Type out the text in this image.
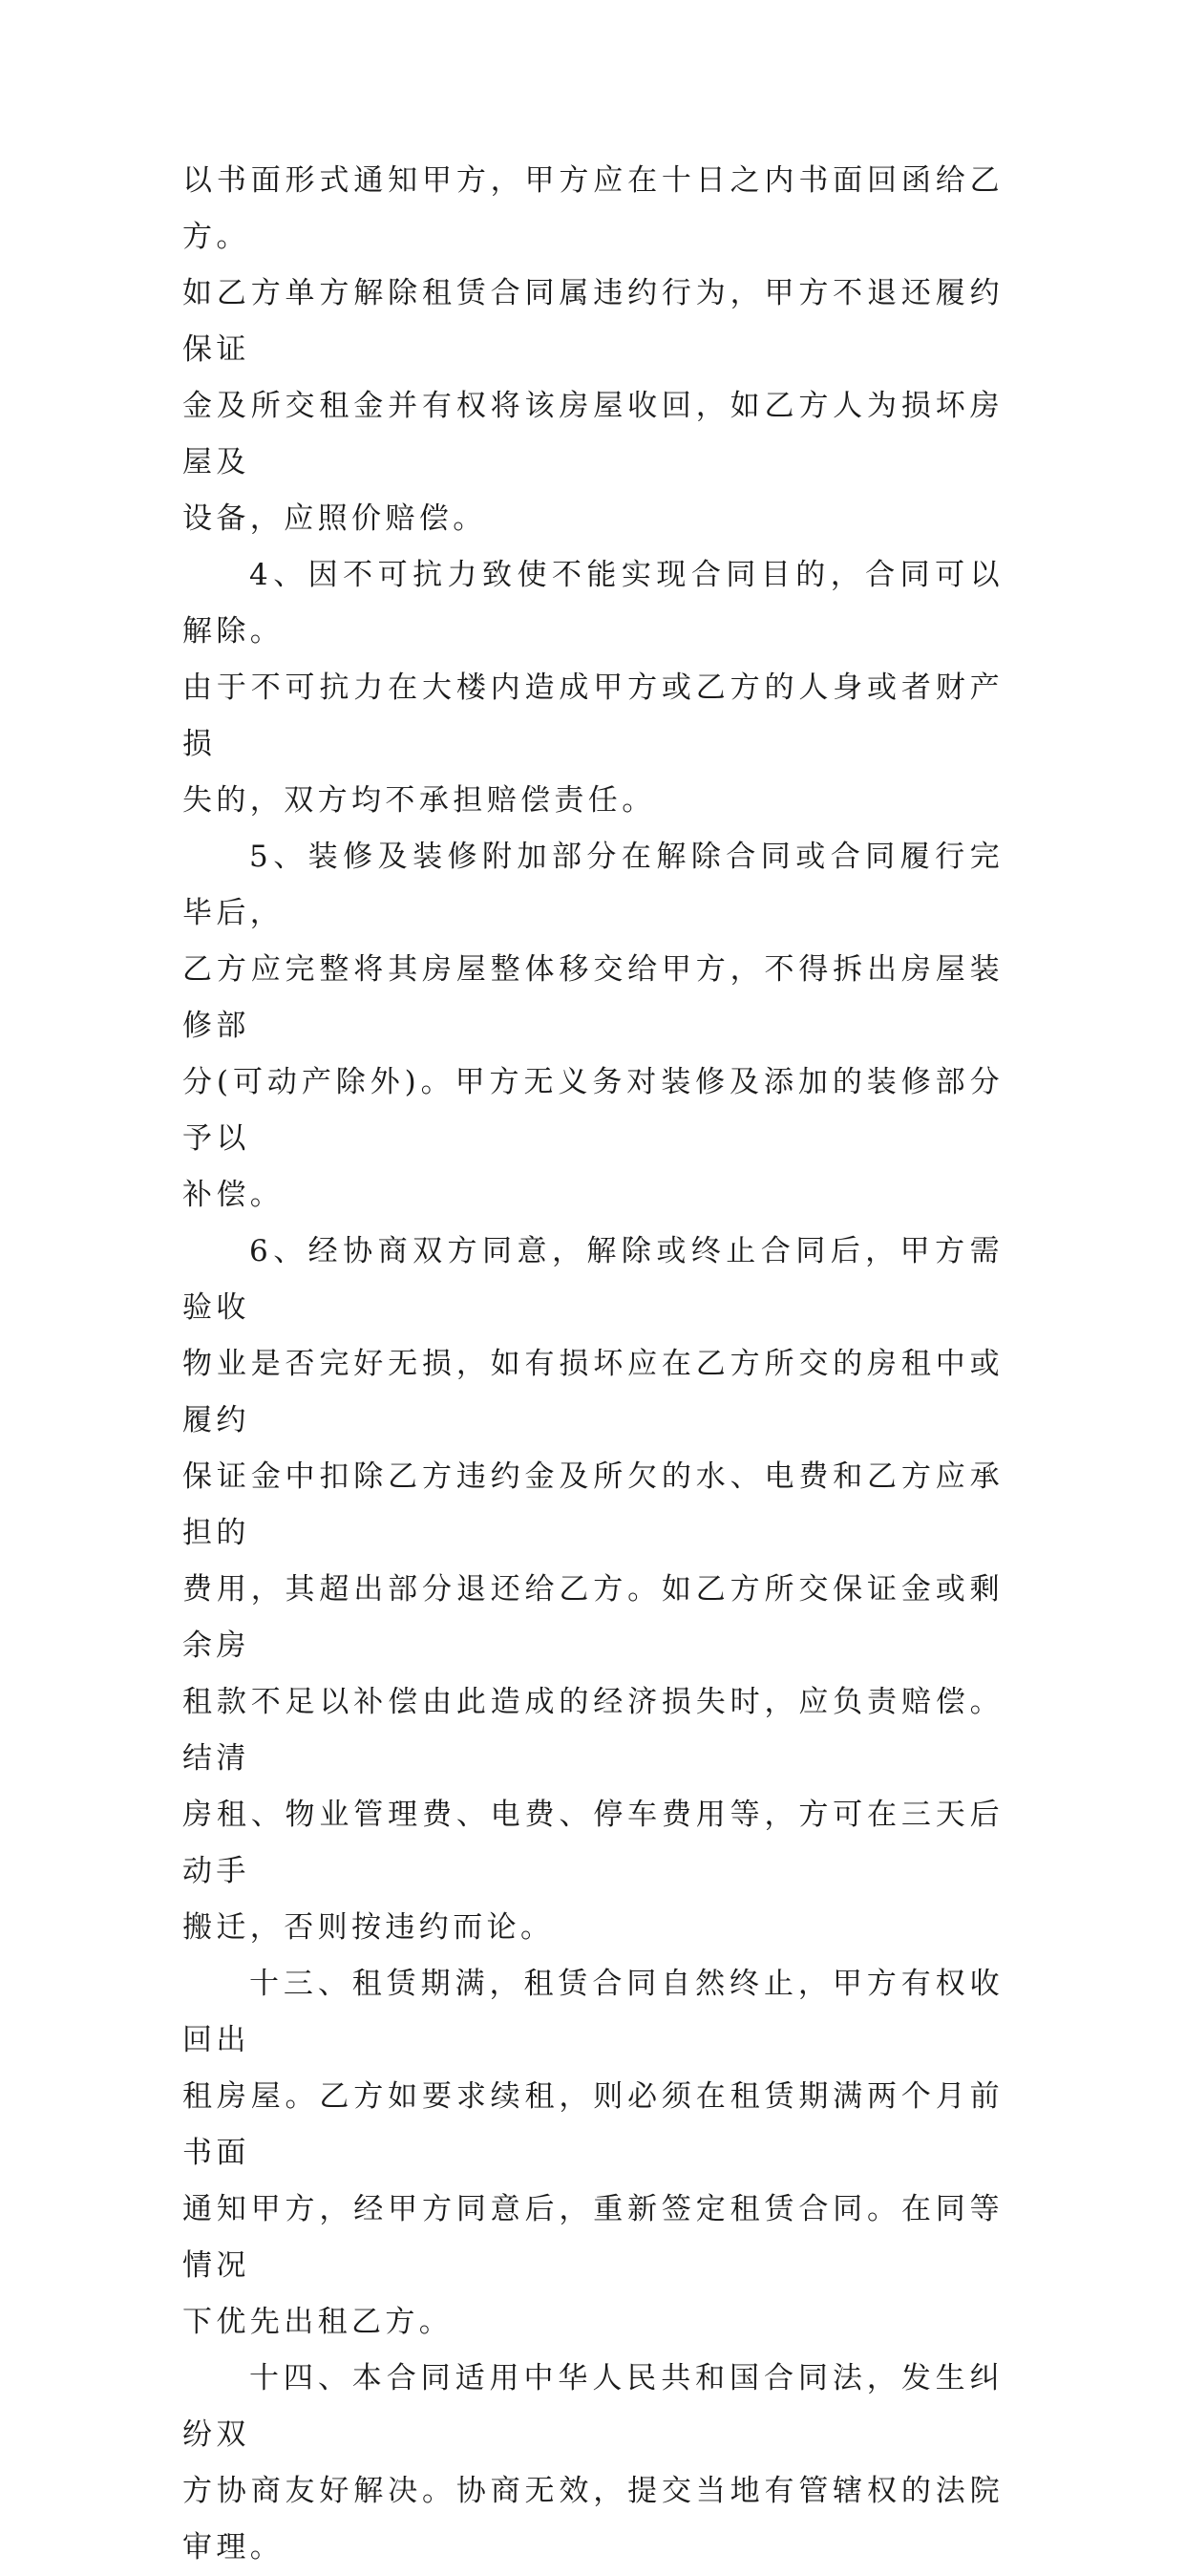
以书面形式通知甲方，甲方应在十日之内书面回函给乙方。
如乙方单方解除租赁合同属违约行为，甲方不退还履约保证
金及所交租金并有权将该房屋收回，如乙方人为损坏房屋及
设备，应照价赔偿。

4、因不可抗力致使不能实现合同目的，合同可以解除。
由于不可抗力在大楼内造成甲方或乙方的人身或者财产损
失的，双方均不承担赔偿责任。

5、装修及装修附加部分在解除合同或合同履行完毕后，
乙方应完整将其房屋整体移交给甲方，不得拆出房屋装修部
分(可动产除外)。甲方无义务对装修及添加的装修部分予以
补偿。

6、经协商双方同意，解除或终止合同后，甲方需验收
物业是否完好无损，如有损坏应在乙方所交的房租中或履约
保证金中扣除乙方违约金及所欠的水、电费和乙方应承担的
费用，其超出部分退还给乙方。如乙方所交保证金或剩余房
租款不足以补偿由此造成的经济损失时，应负责赔偿。结清
房租、物业管理费、电费、停车费用等，方可在三天后动手
搬迁，否则按违约而论。

十三、租赁期满，租赁合同自然终止，甲方有权收回出
租房屋。乙方如要求续租，则必须在租赁期满两个月前书面
通知甲方，经甲方同意后，重新签定租赁合同。在同等情况
下优先出租乙方。

十四、本合同适用中华人民共和国合同法，发生纠纷双
方协商友好解决。协商无效，提交当地有管辖权的法院审理。
